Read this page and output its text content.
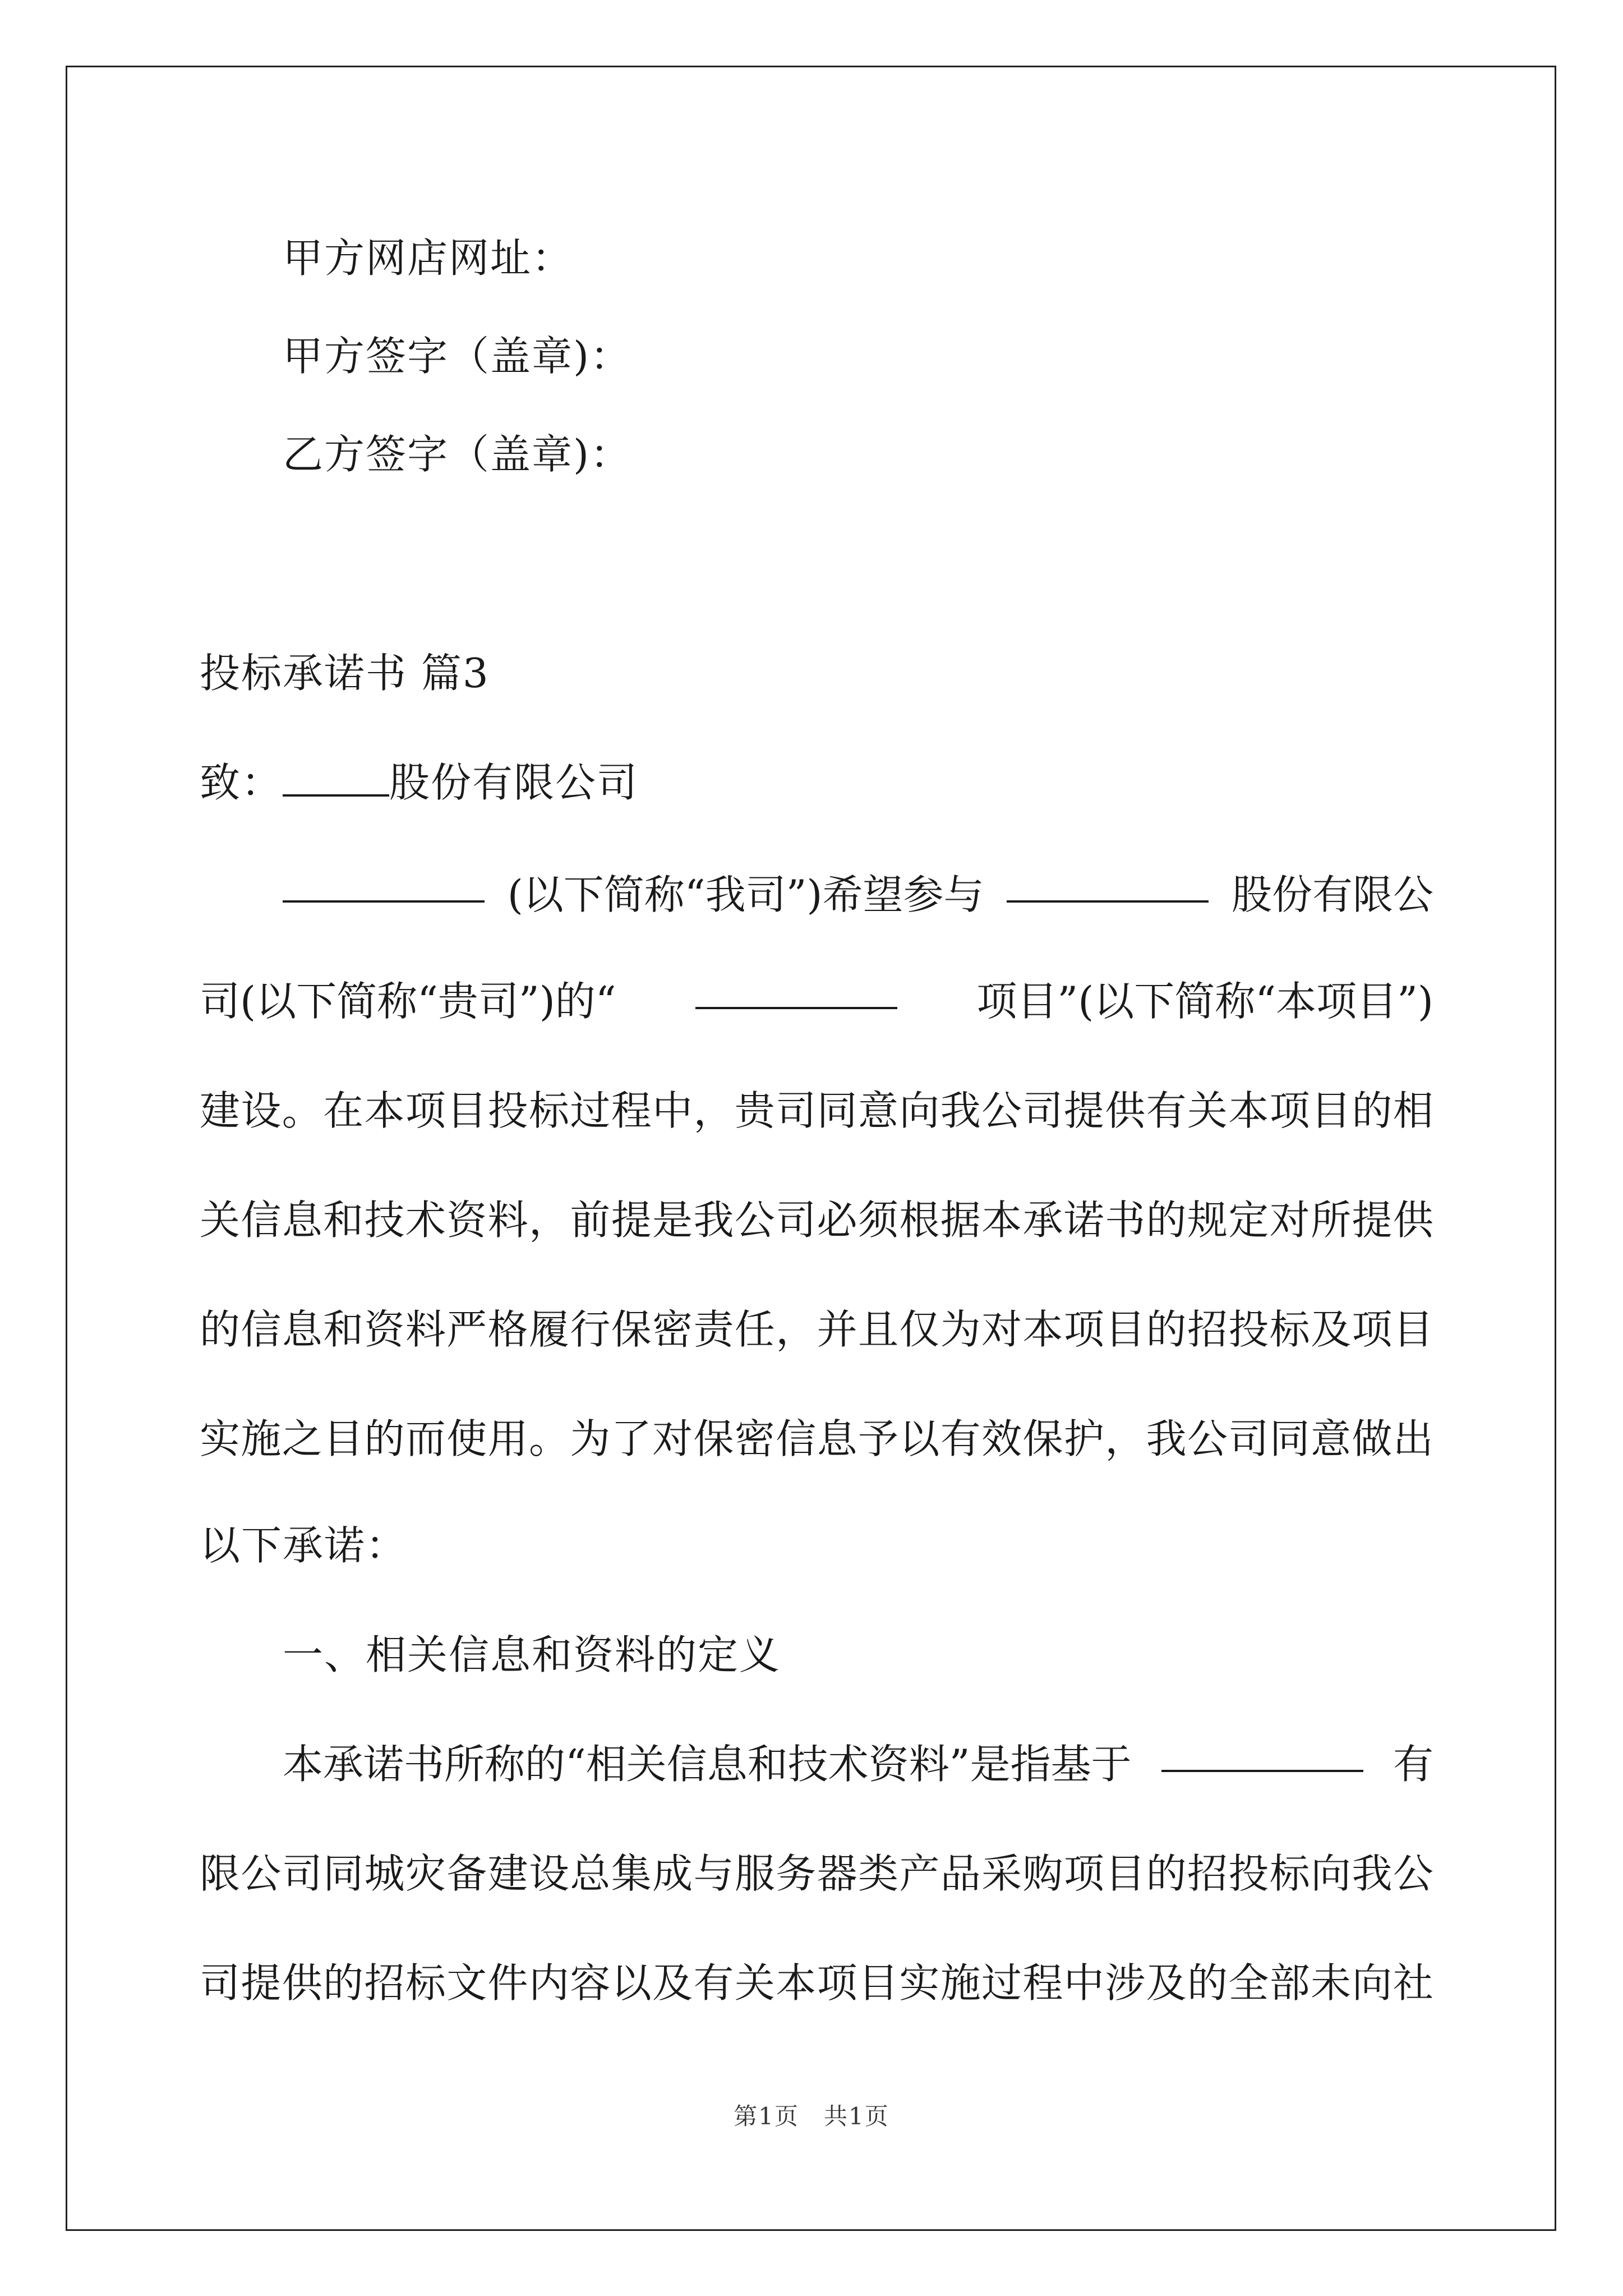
甲方网店网址：
甲方签字（盖章)：
乙方签字（盖章)：
投标承诺书 篇3
致：	股份有限公司
(以下简称“我司”)希望参与	股份有限公
司(以下简称“贵司”)的“	项目”(以下简称“本项目”)
建 设 。 在 本 项 目 投 标 过 程 中 ， 贵 司 同 意 向 我 公 司 提 供 有 关 本 项 目 的 相
关 信 息 和 技 术 资 料 ， 前 提 是 我 公 司 必 须 根 据 本 承 诺 书 的 规 定 对 所 提 供
的 信 息 和 资 料 严 格 履 行 保 密 责 任 ， 并 且 仅 为 对 本 项 目 的 招 投 标 及 项 目
实 施 之 目 的 而 使 用 。 为 了 对 保 密 信 息 予 以 有 效 保 护 ， 我 公 司 同 意 做 出
以下承诺：
一、相关信息和资料的定义
本承诺书所称的“相关信息和技术资料”是指基于	有
限 公 司 同 城 灾 备 建 设 总 集 成 与 服 务 器 类 产 品 采 购 项 目 的 招 投 标 向 我 公
司 提 供 的 招 标 文 件 内 容 以 及 有 关 本 项 目 实 施 过 程 中 涉 及 的 全 部 未 向 社
第1页　共1页
